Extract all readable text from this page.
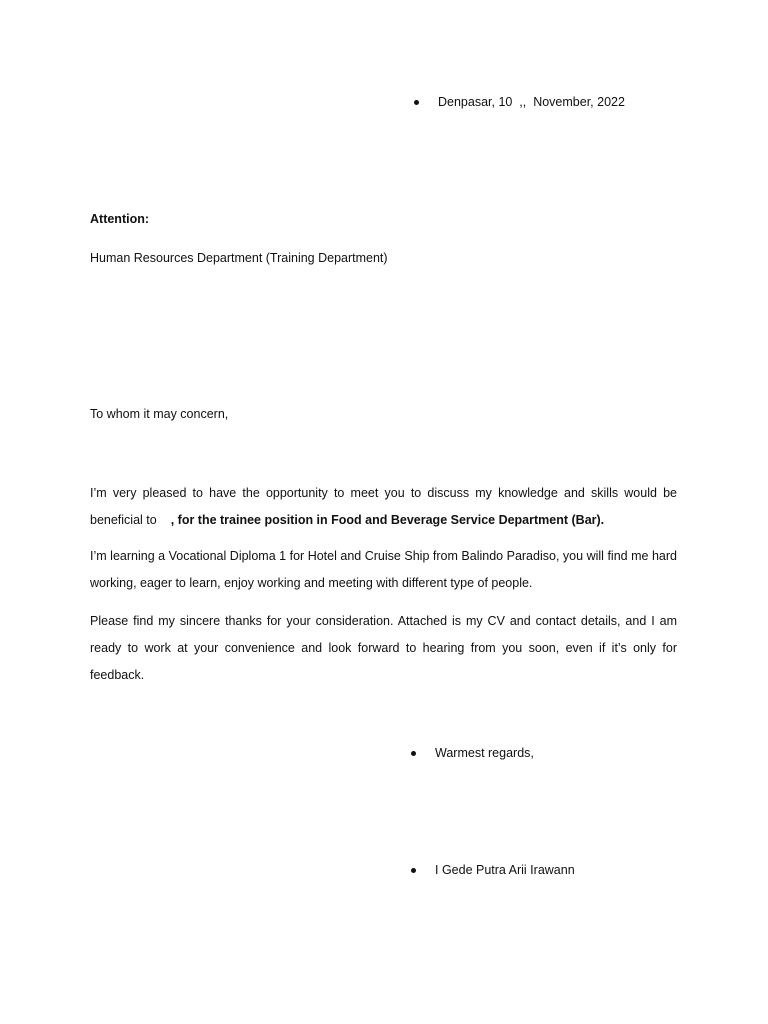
Denpasar, 10  ,,  November, 2022
Attention:
Human Resources Department (Training Department)
To whom it may concern,
I’m very pleased to have the opportunity to meet you to discuss my knowledge and skills would be beneficial to , for the trainee position in Food and Beverage Service Department (Bar).
I’m learning a Vocational Diploma 1 for Hotel and Cruise Ship from Balindo Paradiso, you will find me hard working, eager to learn, enjoy working and meeting with different type of people.
Please find my sincere thanks for your consideration. Attached is my CV and contact details, and I am ready to work at your convenience and look forward to hearing from you soon, even if it’s only for feedback.
Warmest regards,
I Gede Putra Arii Irawann
